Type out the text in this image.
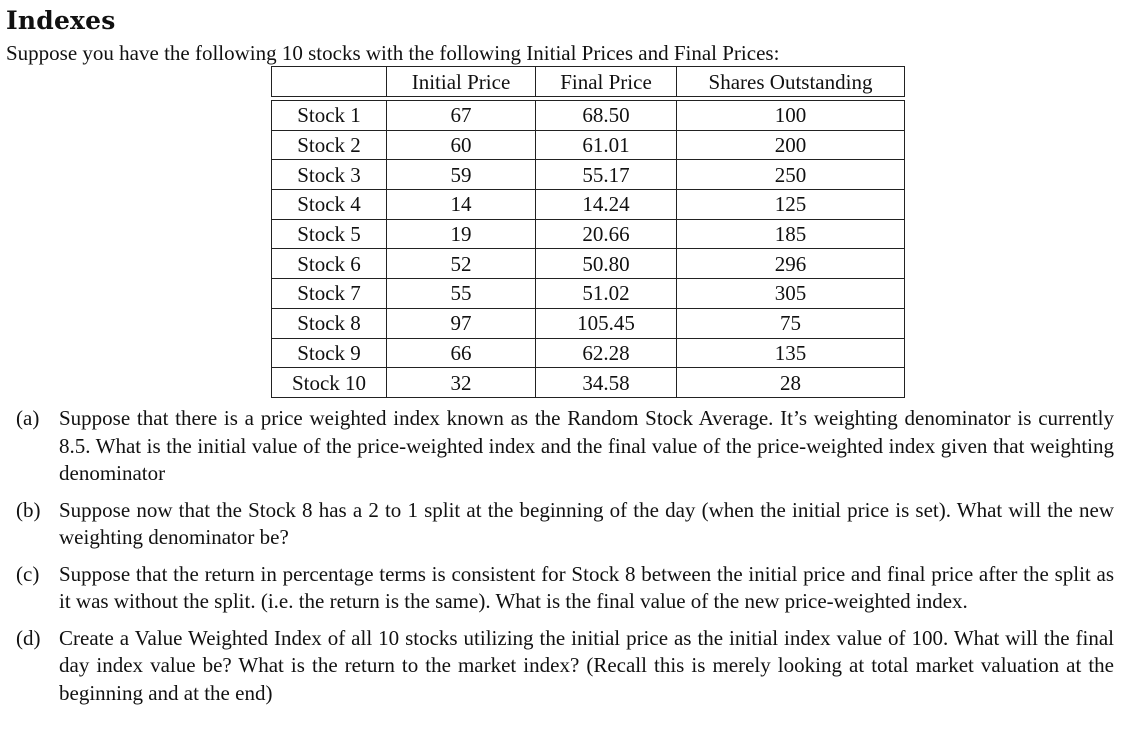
Indexes
Suppose you have the following 10 stocks with the following Initial Prices and Final Prices:
	Initial Price	Final Price	Shares Outstanding

Stock 1	67	68.50	100
Stock 2	60	61.01	200
Stock 3	59	55.17	250
Stock 4	14	14.24	125
Stock 5	19	20.66	185
Stock 6	52	50.80	296
Stock 7	55	51.02	305
Stock 8	97	105.45	75
Stock 9	66	62.28	135
Stock 10	32	34.58	28
(a) Suppose that there is a price weighted index known as the Random Stock Average. It’s weighting denominator is currently 8.5. What is the initial value of the price-weighted index and the final value of the price-weighted index given that weighting denominator
(b) Suppose now that the Stock 8 has a 2 to 1 split at the beginning of the day (when the initial price is set). What will the new weighting denominator be?
(c) Suppose that the return in percentage terms is consistent for Stock 8 between the initial price and final price after the split as it was without the split. (i.e. the return is the same). What is the final value of the new price-weighted index.
(d) Create a Value Weighted Index of all 10 stocks utilizing the initial price as the initial index value of 100. What will the final day index value be? What is the return to the market index? (Recall this is merely looking at total market valuation at the beginning and at the end)
